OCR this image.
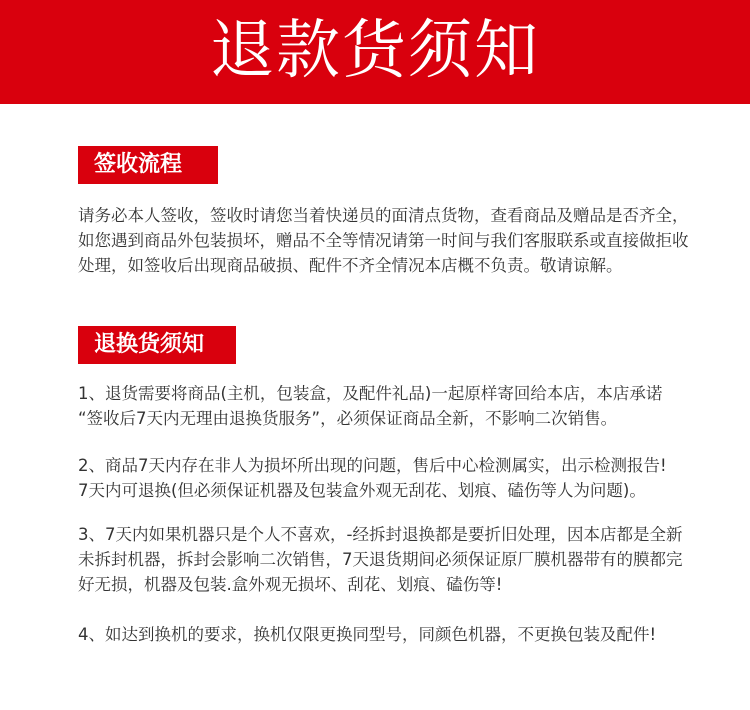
退款货须知
签收流程

请务必本人签收，签收时请您当着快递员的面清点货物，查看商品及赠品是否齐全，
如您遇到商品外包装损坏，赠品不全等情况请第一时间与我们客服联系或直接做拒收
处理，如签收后出现商品破损、配件不齐全情况本店概不负责。敬请谅解。

退换货须知

1、退货需要将商品(主机，包装盒，及配件礼品)一起原样寄回给本店，本店承诺
“签收后7天内无理由退换货服务”，必须保证商品全新，不影响二次销售。

2、商品7天内存在非人为损坏所出现的问题，售后中心检测属实，出示检测报告!
7天内可退换(但必须保证机器及包装盒外观无刮花、划痕、磕伤等人为问题)。

3、7天内如果机器只是个人不喜欢，-经拆封退换都是要折旧处理，因本店都是全新
未拆封机器，拆封会影响二次销售，7天退货期间必须保证原厂膜机器带有的膜都完
好无损，机器及包装.盒外观无损坏、刮花、划痕、磕伤等!

4、如达到换机的要求，换机仅限更换同型号，同颜色机器，不更换包装及配件!
